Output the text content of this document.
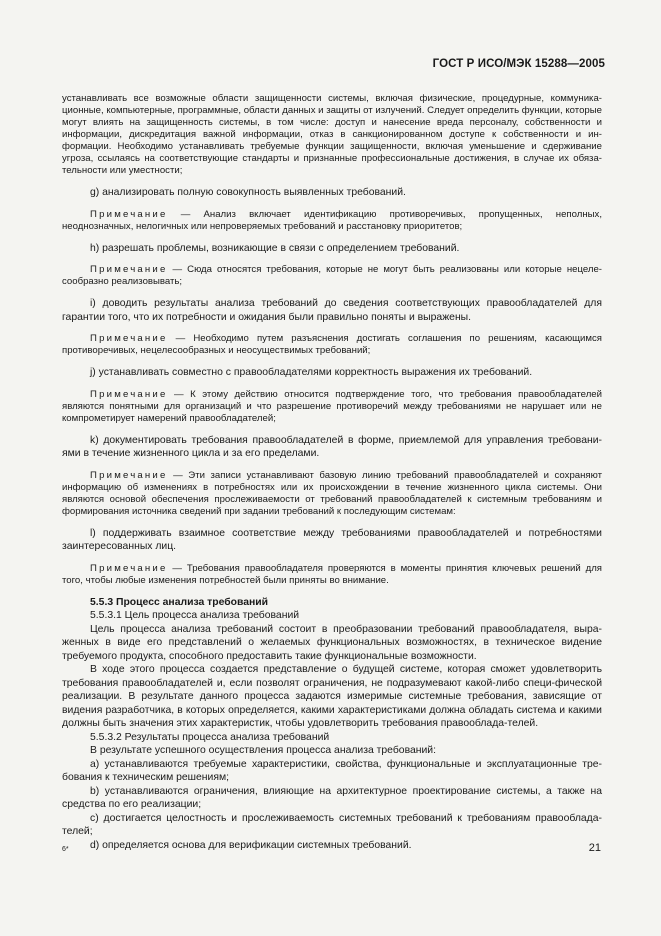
ГОСТ Р ИСО/МЭК 15288—2005

устанавливать все возможные области защищенности системы, включая физические, процедурные, коммуника-ционные, компьютерные, программные, области данных и защиты от излучений. Следует определить функции, которые могут влиять на защищенность системы, в том числе: доступ и нанесение вреда персоналу, собственности и информации, дискредитация важной информации, отказ в санкционированном доступе к собственности и ин-формации. Необходимо устанавливать требуемые функции защищенности, включая уменьшение и сдерживание угроза, ссылаясь на соответствующие стандарты и признанные профессиональные достижения, в случае их обяза-тельности или уместности;

g) анализировать полную совокупность выявленных требований.

Примечание — Анализ включает идентификацию противоречивых, пропущенных, неполных, неоднозначных, нелогичных или непроверяемых требований и расстановку приоритетов;

h) разрешать проблемы, возникающие в связи с определением требований.

Примечание — Сюда относятся требования, которые не могут быть реализованы или которые нецеле-сообразно реализовывать;

i) доводить результаты анализа требований до сведения соответствующих правообладателей для гарантии того, что их потребности и ожидания были правильно поняты и выражены.

Примечание — Необходимо путем разъяснения достигать соглашения по решениям, касающимся противоречивых, нецелесообразных и неосуществимых требований;

j) устанавливать совместно с правообладателями корректность выражения их требований.

Примечание — К этому действию относится подтверждение того, что требования правообладателей являются понятными для организаций и что разрешение противоречий между требованиями не нарушает или не компрометирует намерений правообладателей;

k) документировать требования правообладателей в форме, приемлемой для управления требовани-ями в течение жизненного цикла и за его пределами.

Примечание — Эти записи устанавливают базовую линию требований правообладателей и сохраняют информацию об изменениях в потребностях или их происхождении в течение жизненного цикла системы. Они являются основой обеспечения прослеживаемости от требований правообладателей к системным требованиям и формирования источника сведений при задании требований к последующим системам:

l) поддерживать взаимное соответствие между требованиями правообладателей и потребностями заинтересованных лиц.

Примечание — Требования правообладателя проверяются в моменты принятия ключевых решений для того, чтобы любые изменения потребностей были приняты во внимание.

5.5.3 Процесс анализа требований

5.5.3.1 Цель процесса анализа требований

Цель процесса анализа требований состоит в преобразовании требований правообладателя, выра-женных в виде его представлений о желаемых функциональных возможностях, в техническое видение требуемого продукта, способного предоставить такие функциональные возможности.

В ходе этого процесса создается представление о будущей системе, которая сможет удовлетворить требования правообладателей и, если позволят ограничения, не подразумевают какой-либо специ-фической реализации. В результате данного процесса задаются измеримые системные требования, зависящие от видения разработчика, в которых определяется, какими характеристиками должна обладать система и какими должны быть значения этих характеристик, чтобы удовлетворить требования правооблада-телей.

5.5.3.2 Результаты процесса анализа требований

В результате успешного осуществления процесса анализа требований:

а) устанавливаются требуемые характеристики, свойства, функциональные и эксплуатационные тре-бования к техническим решениям;

b) устанавливаются ограничения, влияющие на архитектурное проектирование системы, а также на средства по его реализации;

c) достигается целостность и прослеживаемость системных требований к требованиям правооблада-телей;

d) определяется основа для верификации системных требований.

6*	21
